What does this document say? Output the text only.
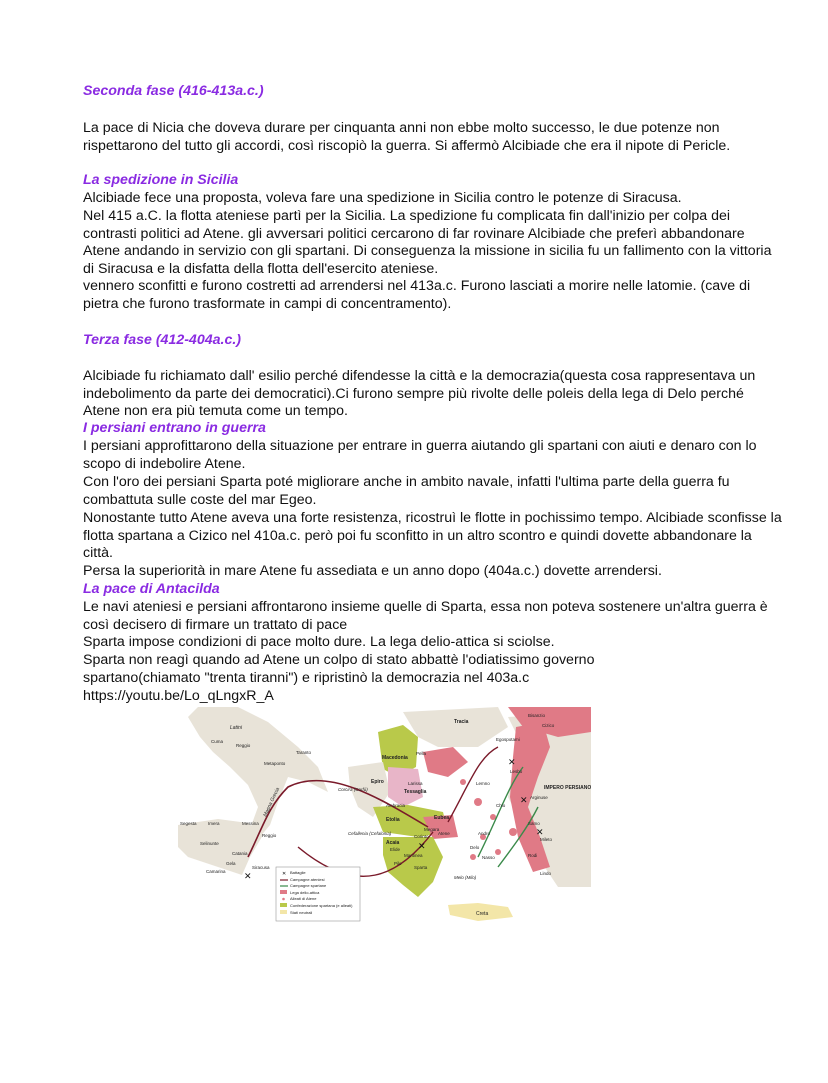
Seconda fase (416-413a.c.)

La pace di Nicia che doveva durare per cinquanta anni non ebbe molto successo, le due potenze non rispettarono del tutto gli accordi, così riscopiò la guerra. Si affermò Alcibiade che era il nipote di Pericle.

La spedizione in Sicilia

Alcibiade fece una proposta, voleva fare una spedizione in Sicilia contro le potenze di Siracusa.

Nel 415 a.C. la flotta ateniese partì per la Sicilia. La spedizione fu complicata fin dall'inizio per colpa dei contrasti politici ad Atene. gli avversari politici cercarono di far rovinare Alcibiade che preferì abbandonare Atene andando in servizio con gli spartani. Di conseguenza la missione in sicilia fu un fallimento con la vittoria di Siracusa e la disfatta della flotta dell'esercito ateniese.

vennero sconfitti e furono costretti ad arrendersi nel 413a.c. Furono lasciati a morire nelle latomie. (cave di pietra che furono trasformate in campi di concentramento).

Terza fase (412-404a.c.)

Alcibiade fu richiamato dall' esilio perché difendesse la città e la democrazia(questa cosa rappresentava un indebolimento da parte dei democratici).Ci furono sempre più rivolte delle poleis della lega di Delo perché Atene non era più temuta come un tempo.

I persiani entrano in guerra

I persiani approfittarono della situazione per entrare in guerra aiutando gli spartani con aiuti e denaro con lo scopo di indebolire Atene.

Con l'oro dei persiani Sparta poté migliorare anche in ambito navale, infatti l'ultima parte della guerra fu combattuta sulle coste del mar Egeo.

Nonostante tutto Atene aveva una forte resistenza, ricostruì le flotte in pochissimo tempo. Alcibiade sconfisse la flotta spartana a Cizico nel 410a.c. però poi fu sconfitto in un altro scontro e quindi dovette abbandonare la città.

Persa la superiorità in mare Atene fu assediata e un anno dopo (404a.c.) dovette arrendersi.

La pace di Antacilda

Le navi ateniesi e persiani affrontarono insieme quelle di Sparta, essa non poteva sostenere un'altra guerra è così decisero di firmare un trattato di pace

Sparta impose condizioni di pace molto dure. La lega delio-attica si sciolse.

Sparta non reagì quando ad Atene un colpo di stato abbattè l'odiatissimo governo spartano(chiamato "trenta tiranni") e ripristinò la democrazia nel 403a.c

https://youtu.be/Lo_qLngxR_A
✕
✕
✕
✕
✕
Latini
Cuma
Reggio
Taranto
Metaponto
Magna Grecia	Corcira (Corfù)
Epiro
Ambracia
Macedonia
Tracia
Pella
Larissa
Tessaglia
Etolia	Eubea
Acaia
Elide
Corinto
Atene
Megara
Sparta
Mantinea
Pilo
Cefallenia (Cefalonia)
Melo (Milo)
Creta
Segesta	Imera
Selinunte
Messina
Reggio
Catania
Gela
Siracusa
Camarina
Lesbo
Chio
Samo
Mileto
Lindo
Rodi
Bisanzio
Cizico
Egospotami
Arginuse
IMPERO PERSIANO
Andro
Lemno
Nasso
Delo
✕ Battaglie
Campagne ateniesi
Campagne spartane
Lega delio-attica
Alleati di Atene
Confederazione spartana (e alleati)
Stati neutrali
